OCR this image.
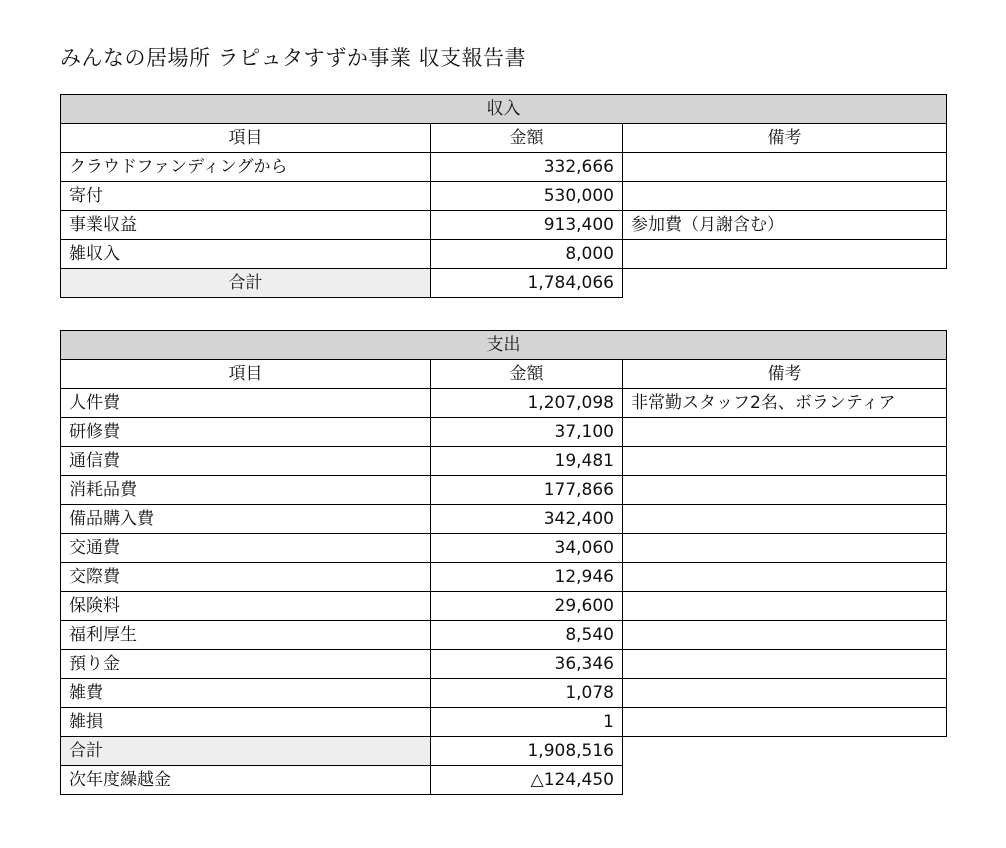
みんなの居場所 ラピュタすずか事業 収支報告書
収入		
項目	金額	備考
クラウドファンディングから	332,666	
寄付	530,000	
事業収益	913,400	参加費（月謝含む）
雑収入	8,000	
合計	1,784,066	
支出		
項目	金額	備考
人件費	1,207,098	非常勤スタッフ2名、ボランティア
研修費	37,100	
通信費	19,481	
消耗品費	177,866	
備品購入費	342,400	
交通費	34,060	
交際費	12,946	
保険料	29,600	
福利厚生	8,540	
預り金	36,346	
雑費	1,078	
雑損	1	
合計	1,908,516	
次年度繰越金	△124,450	
